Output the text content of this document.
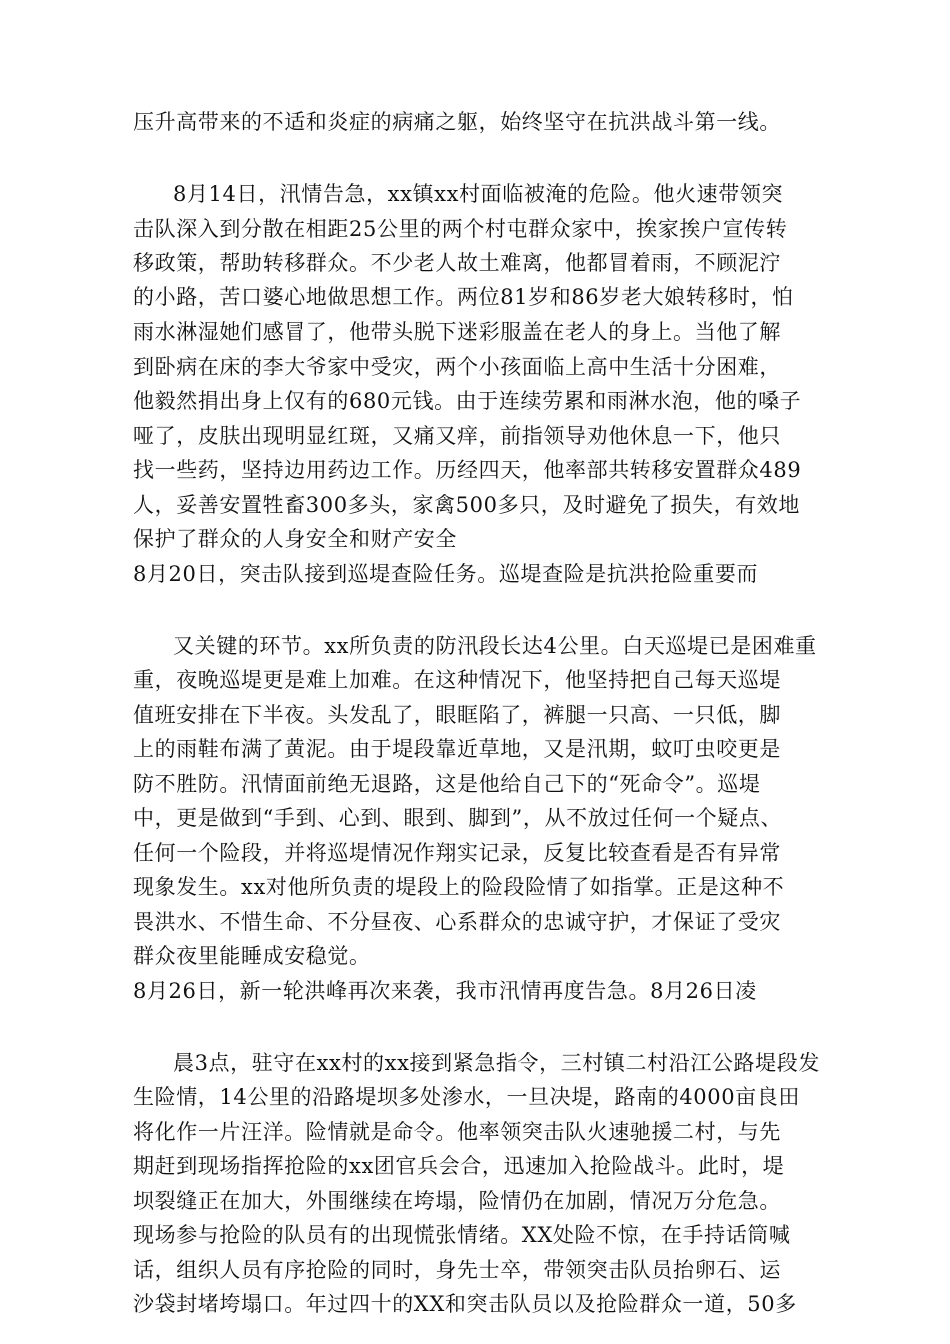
压升高带来的不适和炎症的病痛之躯，始终坚守在抗洪战斗第一线。
8月14日，汛情告急，xx镇xx村面临被淹的危险。他火速带领突
击队深入到分散在相距25公里的两个村屯群众家中，挨家挨户宣传转
移政策，帮助转移群众。不少老人故土难离，他都冒着雨，不顾泥泞
的小路，苦口婆心地做思想工作。两位81岁和86岁老大娘转移时，怕
雨水淋湿她们感冒了，他带头脱下迷彩服盖在老人的身上。当他了解
到卧病在床的李大爷家中受灾，两个小孩面临上高中生活十分困难，
他毅然捐出身上仅有的680元钱。由于连续劳累和雨淋水泡，他的嗓子
哑了，皮肤出现明显红斑，又痛又痒，前指领导劝他休息一下，他只
找一些药，坚持边用药边工作。历经四天，他率部共转移安置群众489
人，妥善安置牲畜300多头，家禽500多只，及时避免了损失，有效地
保护了群众的人身安全和财产安全
8月20日，突击队接到巡堤查险任务。巡堤查险是抗洪抢险重要而
又关键的环节。xx所负责的防汛段长达4公里。白天巡堤已是困难重
重，夜晚巡堤更是难上加难。在这种情况下，他坚持把自己每天巡堤
值班安排在下半夜。头发乱了，眼眶陷了，裤腿一只高、一只低，脚
上的雨鞋布满了黄泥。由于堤段靠近草地，又是汛期，蚊叮虫咬更是
防不胜防。汛情面前绝无退路，这是他给自己下的“死命令”。巡堤
中，更是做到“手到、心到、眼到、脚到”，从不放过任何一个疑点、
任何一个险段，并将巡堤情况作翔实记录，反复比较查看是否有异常
现象发生。xx对他所负责的堤段上的险段险情了如指掌。正是这种不
畏洪水、不惜生命、不分昼夜、心系群众的忠诚守护，才保证了受灾
群众夜里能睡成安稳觉。
8月26日，新一轮洪峰再次来袭，我市汛情再度告急。8月26日凌
晨3点，驻守在xx村的xx接到紧急指令，三村镇二村沿江公路堤段发
生险情，14公里的沿路堤坝多处渗水，一旦决堤，路南的4000亩良田
将化作一片汪洋。险情就是命令。他率领突击队火速驰援二村，与先
期赶到现场指挥抢险的xx团官兵会合，迅速加入抢险战斗。此时，堤
坝裂缝正在加大，外围继续在垮塌，险情仍在加剧，情况万分危急。
现场参与抢险的队员有的出现慌张情绪。XX处险不惊，在手持话筒喊
话，组织人员有序抢险的同时，身先士卒，带领突击队员抬卵石、运
沙袋封堵垮塌口。年过四十的XX和突击队员以及抢险群众一道，50多
